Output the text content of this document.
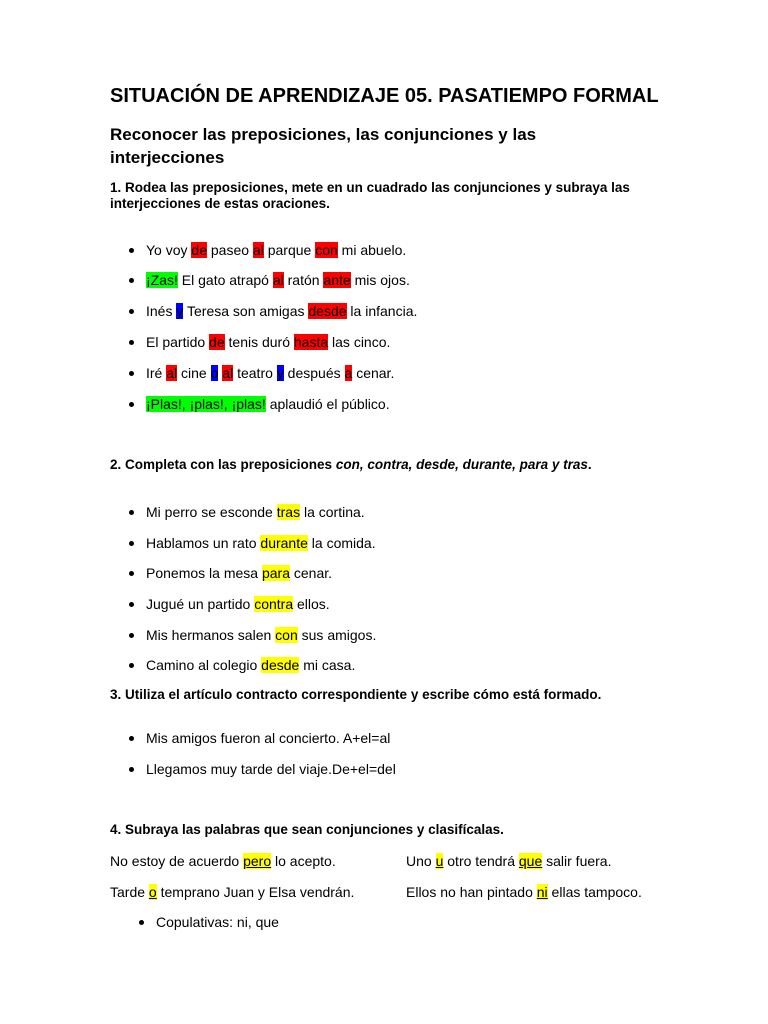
SITUACIÓN DE APRENDIZAJE 05. PASATIEMPO FORMAL
Reconocer las preposiciones, las conjunciones y las interjecciones
1. Rodea las preposiciones, mete en un cuadrado las conjunciones y subraya las interjecciones de estas oraciones.
Yo voy de paseo al parque con mi abuelo.
¡Zas! El gato atrapó al ratón ante mis ojos.
Inés y Teresa son amigas desde la infancia.
El partido de tenis duró hasta las cinco.
Iré al cine o al teatro y después a cenar.
¡Plas!, ¡plas!, ¡plas! aplaudió el público.
2. Completa con las preposiciones con, contra, desde, durante, para y tras.
Mi perro se esconde tras la cortina.
Hablamos un rato durante la comida.
Ponemos la mesa para cenar.
Jugué un partido contra ellos.
Mis hermanos salen con sus amigos.
Camino al colegio desde mi casa.
3. Utiliza el artículo contracto correspondiente y escribe cómo está formado.
Mis amigos fueron al concierto. A+el=al
Llegamos muy tarde del viaje.De+el=del
4. Subraya las palabras que sean conjunciones y clasifícalas.
No estoy de acuerdo pero lo acepto.
Tarde o temprano Juan y Elsa vendrán.
Uno u otro tendrá que salir fuera.
Ellos no han pintado ni ellas tampoco.
Copulativas: ni, que
